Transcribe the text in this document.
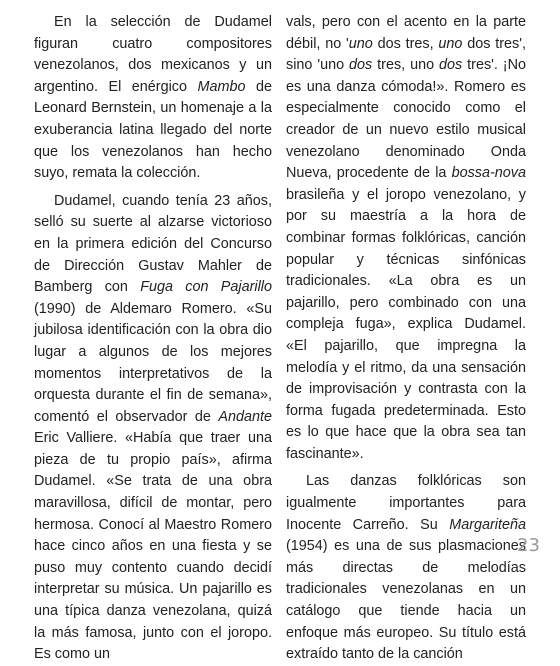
En la selección de Dudamel figuran cuatro compositores venezolanos, dos mexicanos y un argentino. El enérgico Mambo de Leonard Bernstein, un homenaje a la exuberancia latina llegado del norte que los venezolanos han hecho suyo, remata la colección.

Dudamel, cuando tenía 23 años, selló su suerte al alzarse victorioso en la primera edición del Concurso de Dirección Gustav Mahler de Bamberg con Fuga con Pajarillo (1990) de Aldemaro Romero. «Su jubilosa identificación con la obra dio lugar a algunos de los mejores momentos interpretativos de la orquesta durante el fin de semana», comentó el observador de Andante Eric Valliere. «Había que traer una pieza de tu propio país», afirma Dudamel. «Se trata de una obra maravillosa, difícil de montar, pero hermosa. Conocí al Maestro Romero hace cinco años en una fiesta y se puso muy contento cuando decidí interpretar su música. Un pajarillo es una típica danza venezolana, quizá la más famosa, junto con el joropo. Es como un

vals, pero con el acento en la parte débil, no 'uno dos tres, uno dos tres', sino 'uno dos tres, uno dos tres'. ¡No es una danza cómoda!». Romero es especialmente conocido como el creador de un nuevo estilo musical venezolano denominado Onda Nueva, procedente de la bossa-nova brasileña y el joropo venezolano, y por su maestría a la hora de combinar formas folklóricas, canción popular y técnicas sinfónicas tradicionales. «La obra es un pajarillo, pero combinado con una compleja fuga», explica Dudamel. «El pajarillo, que impregna la melodía y el ritmo, da una sensación de improvisación y contrasta con la forma fugada predeterminada. Esto es lo que hace que la obra sea tan fascinante».

Las danzas folklóricas son igualmente importantes para Inocente Carreño. Su Margariteña (1954) es una de sus plasmaciones más directas de melodías tradicionales venezolanas en un catálogo que tiende hacia un enfoque más europeo. Su título está extraído tanto de la canción

23
